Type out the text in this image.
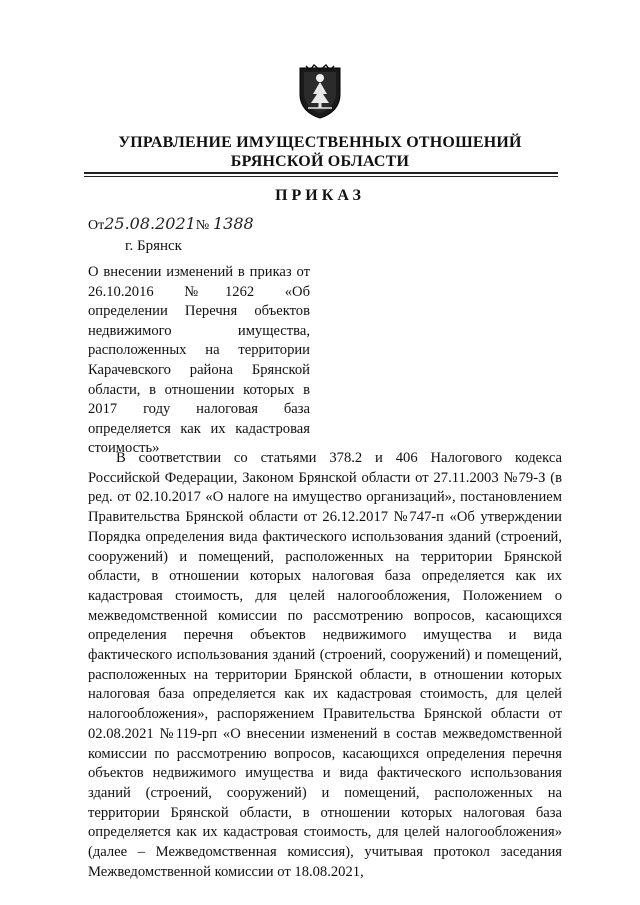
УПРАВЛЕНИЕ ИМУЩЕСТВЕННЫХ ОТНОШЕНИЙ
БРЯНСКОЙ ОБЛАСТИ
ПРИКАЗ
От25.08.2021№ 1388
г. Брянск
О внесении изменений в приказ от 26.10.2016 №1262 «Об определении Перечня объектов недвижимого имущества, расположенных на территории Карачевского района Брянской области, в отношении которых в 2017 году налоговая база определяется как их кадастровая стоимость»
В соответствии со статьями 378.2 и 406 Налогового кодекса Российской Федерации, Законом Брянской области от 27.11.2003 №79-З (в ред. от 02.10.2017 «О налоге на имущество организаций», постановлением Правительства Брянской области от 26.12.2017 №747-п «Об утверждении Порядка определения вида фактического использования зданий (строений, сооружений) и помещений, расположенных на территории Брянской области, в отношении которых налоговая база определяется как их кадастровая стоимость, для целей налогообложения, Положением о межведомственной комиссии по рассмотрению вопросов, касающихся определения перечня объектов недвижимого имущества и вида фактического использования зданий (строений, сооружений) и помещений, расположенных на территории Брянской области, в отношении которых налоговая база определяется как их кадастровая стоимость, для целей налогообложения», распоряжением Правительства Брянской области от 02.08.2021 №119-рп «О внесении изменений в состав межведомственной комиссии по рассмотрению вопросов, касающихся определения перечня объектов недвижимого имущества и вида фактического использования зданий (строений, сооружений) и помещений, расположенных на территории Брянской области, в отношении которых налоговая база определяется как их кадастровая стоимость, для целей налогообложения» (далее – Межведомственная комиссия), учитывая протокол заседания Межведомственной комиссии от 18.08.2021,
